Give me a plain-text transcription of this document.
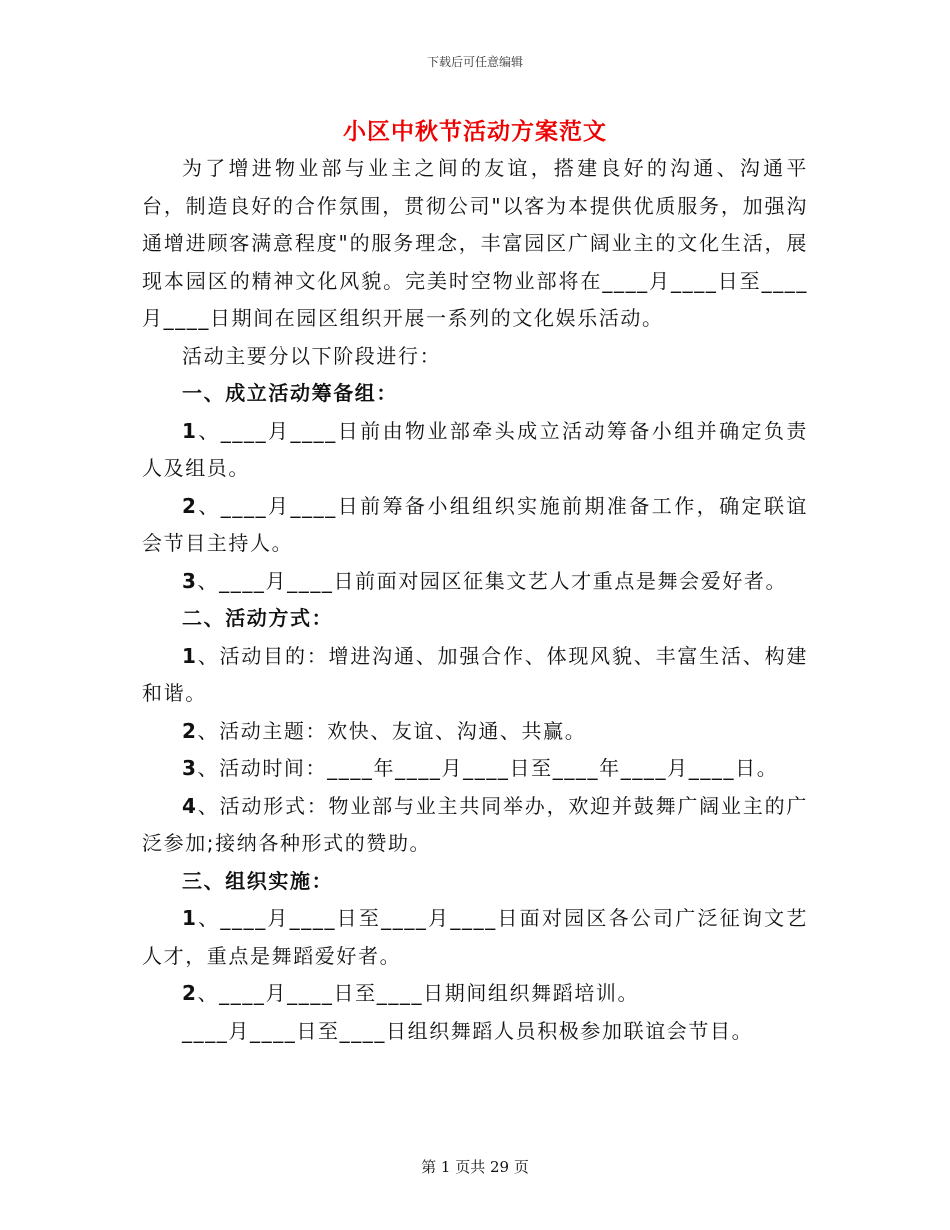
下载后可任意编辑
小区中秋节活动方案范文

为了增进物业部与业主之间的友谊，搭建良好的沟通、沟通平台，制造良好的合作氛围，贯彻公司"以客为本提供优质服务，加强沟通增进顾客满意程度"的服务理念，丰富园区广阔业主的文化生活，展现本园区的精神文化风貌。完美时空物业部将在____月____日至____月____日期间在园区组织开展一系列的文化娱乐活动。

活动主要分以下阶段进行：

一、成立活动筹备组：

1、____月____日前由物业部牵头成立活动筹备小组并确定负责人及组员。

2、____月____日前筹备小组组织实施前期准备工作，确定联谊会节目主持人。

3、____月____日前面对园区征集文艺人才重点是舞会爱好者。

二、活动方式：

1、活动目的：增进沟通、加强合作、体现风貌、丰富生活、构建和谐。

2、活动主题：欢快、友谊、沟通、共赢。

3、活动时间：____年____月____日至____年____月____日。

4、活动形式：物业部与业主共同举办，欢迎并鼓舞广阔业主的广泛参加;接纳各种形式的赞助。

三、组织实施：

1、____月____日至____月____日面对园区各公司广泛征询文艺人才，重点是舞蹈爱好者。

2、____月____日至____日期间组织舞蹈培训。

____月____日至____日组织舞蹈人员积极参加联谊会节目。

第 1 页共 29 页
